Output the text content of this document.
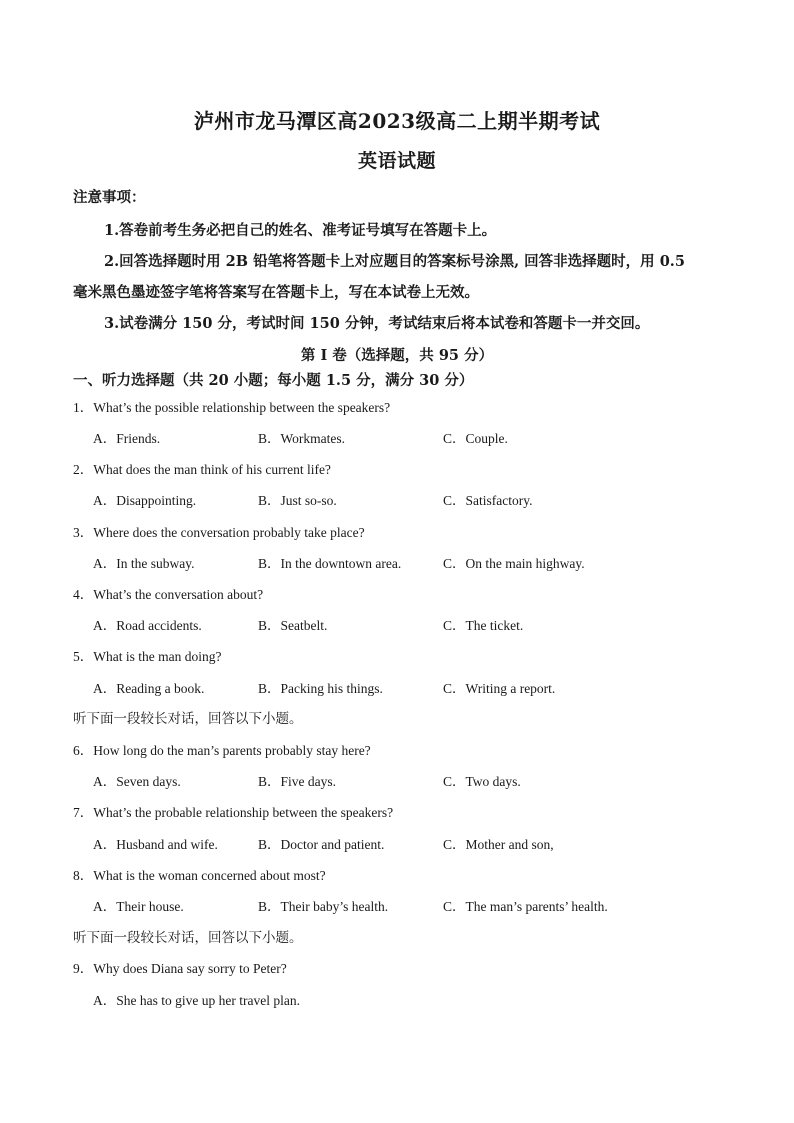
泸州市龙马潭区高2023级高二上期半期考试
英语试题
注意事项：
1.答卷前考生务必把自己的姓名、准考证号填写在答题卡上。
2.回答选择题时用 2B 铅笔将答题卡上对应题目的答案标号涂黑, 回答非选择题时，用 0.5
毫米黑色墨迹签字笔将答案写在答题卡上，写在本试卷上无效。
3.试卷满分 150 分，考试时间 150 分钟，考试结束后将本试卷和答题卡一并交回。
第 I 卷（选择题，共 95 分）
一、听力选择题（共 20 小题；每小题 1.5 分，满分 30 分）
1．What’s the possible relationship between the speakers?
A．Friends.	B．Workmates.	C．Couple.
2．What does the man think of his current life?
A．Disappointing.	B．Just so-so.	C．Satisfactory.
3．Where does the conversation probably take place?
A．In the subway.	B．In the downtown area.	C．On the main highway.
4．What’s the conversation about?
A．Road accidents.	B．Seatbelt.	C．The ticket.
5．What is the man doing?
A．Reading a book.	B．Packing his things.	C．Writing a report.
听下面一段较长对话，回答以下小题。
6．How long do the man’s parents probably stay here?
A．Seven days.	B．Five days.	C．Two days.
7．What’s the probable relationship between the speakers?
A．Husband and wife.	B．Doctor and patient.	C．Mother and son,
8．What is the woman concerned about most?
A．Their house.	B．Their baby’s health.	C．The man’s parents’ health.
听下面一段较长对话，回答以下小题。
9．Why does Diana say sorry to Peter?
A．She has to give up her travel plan.
